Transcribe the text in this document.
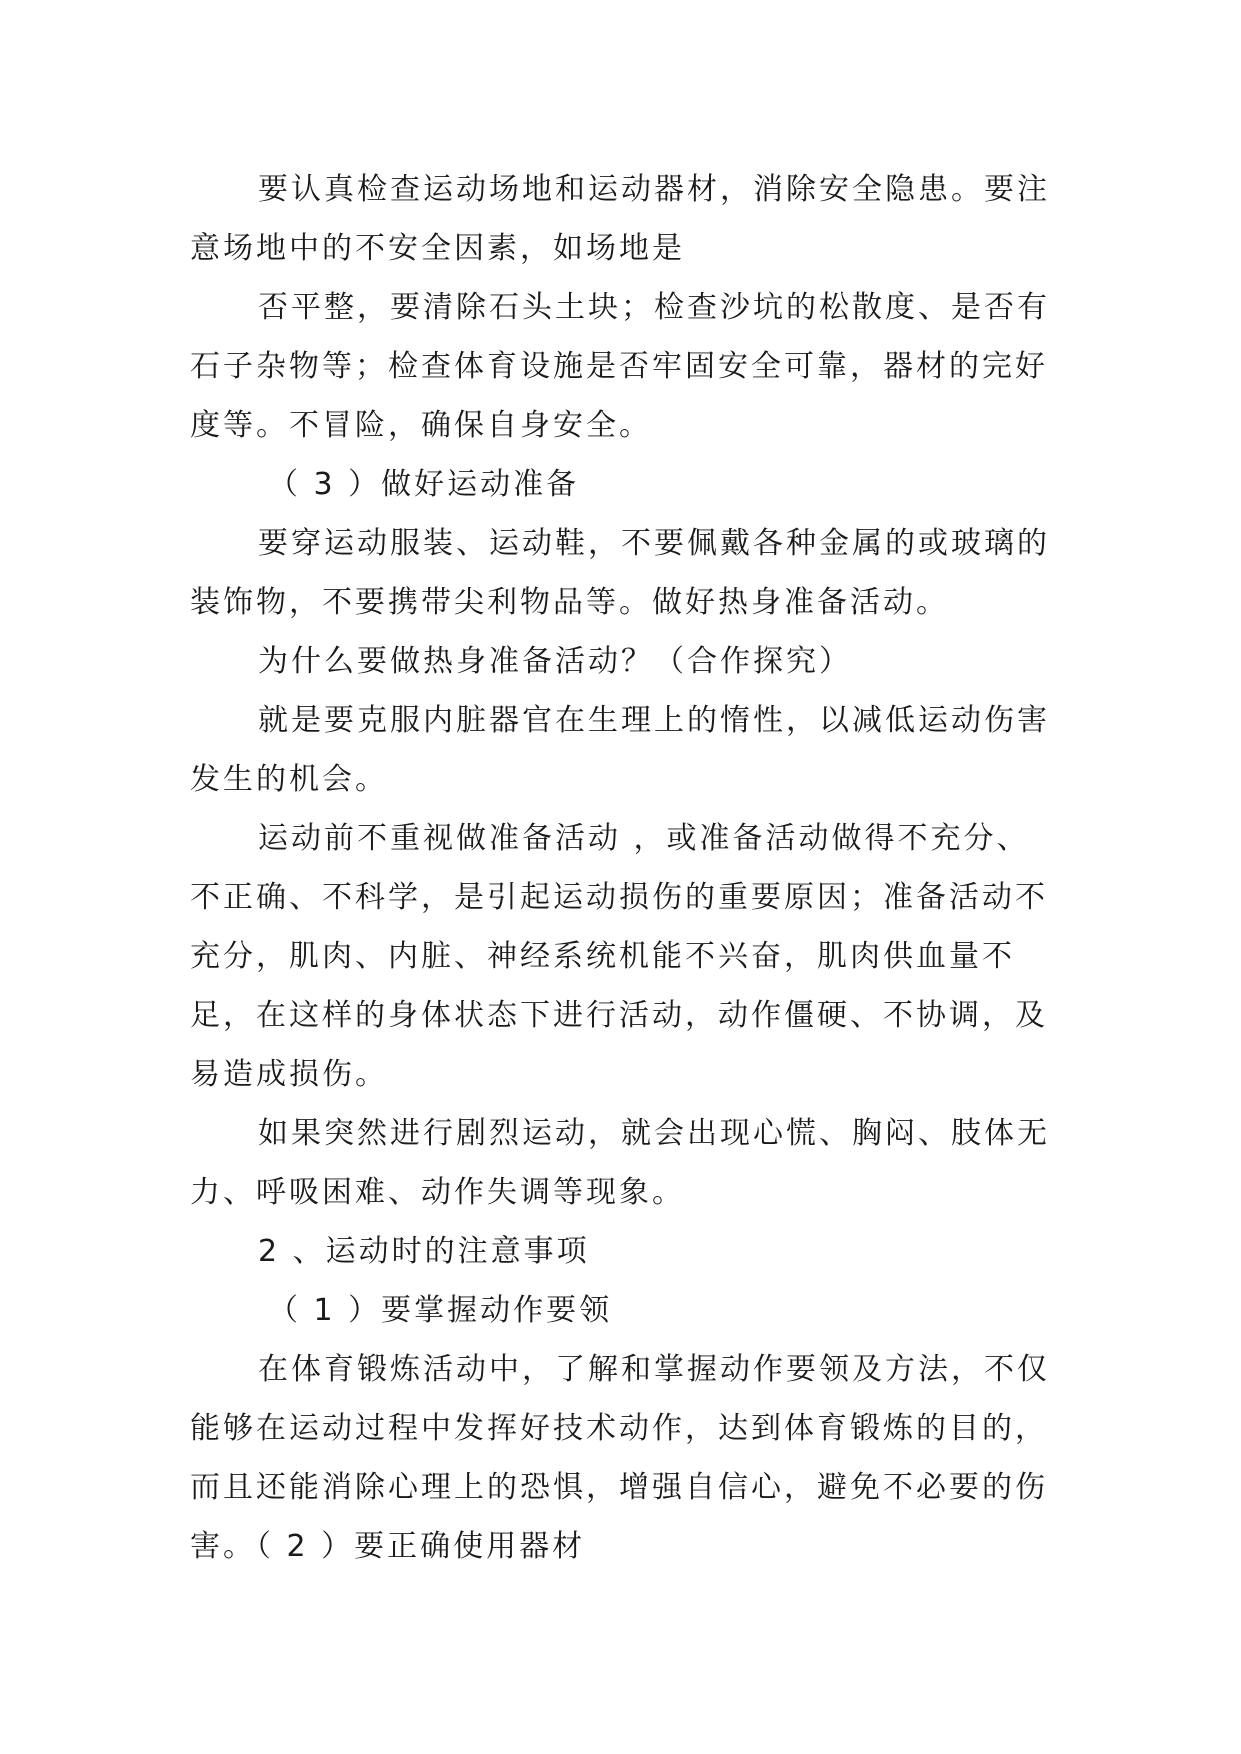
要认真检查运动场地和运动器材，消除安全隐患。要注意场地中的不安全因素，如场地是

否平整，要清除石头土块；检查沙坑的松散度、是否有石子杂物等；检查体育设施是否牢固安全可靠，器材的完好度等。不冒险，确保自身安全。

（ 3 ）做好运动准备

要穿运动服装、运动鞋，不要佩戴各种金属的或玻璃的装饰物，不要携带尖利物品等。做好热身准备活动。

为什么要做热身准备活动？（合作探究）

就是要克服内脏器官在生理上的惰性，以减低运动伤害发生的机会。

运动前不重视做准备活动 ，或准备活动做得不充分、不正确、不科学，是引起运动损伤的重要原因；准备活动不充分，肌肉、内脏、神经系统机能不兴奋，肌肉供血量不足，在这样的身体状态下进行活动，动作僵硬、不协调，及易造成损伤。

如果突然进行剧烈运动，就会出现心慌、胸闷、肢体无力、呼吸困难、动作失调等现象。

2 、运动时的注意事项

（ 1 ）要掌握动作要领

在体育锻炼活动中，了解和掌握动作要领及方法，不仅能够在运动过程中发挥好技术动作，达到体育锻炼的目的，而且还能消除心理上的恐惧，增强自信心，避免不必要的伤害。（ 2 ）要正确使用器材
